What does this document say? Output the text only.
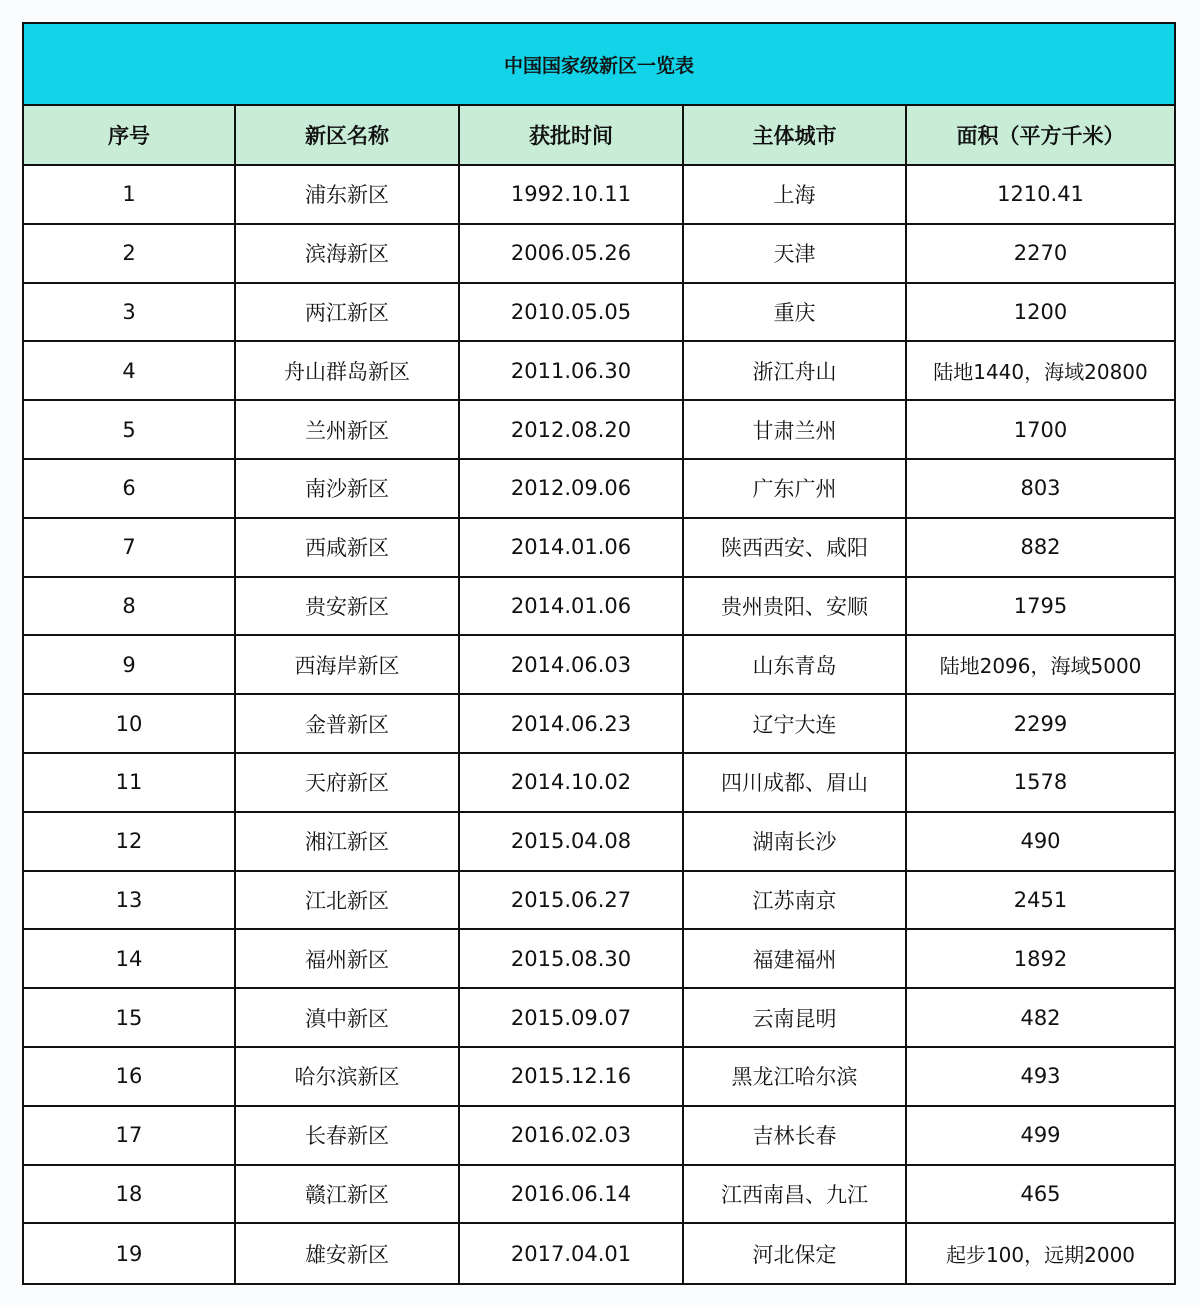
中国国家级新区一览表
序号	新区名称	获批时间	主体城市	面积（平方千米）
1	浦东新区	1992.10.11	上海	1210.41
2	滨海新区	2006.05.26	天津	2270
3	两江新区	2010.05.05	重庆	1200
4	舟山群岛新区	2011.06.30	浙江舟山	陆地1440，海域20800
5	兰州新区	2012.08.20	甘肃兰州	1700
6	南沙新区	2012.09.06	广东广州	803
7	西咸新区	2014.01.06	陕西西安、咸阳	882
8	贵安新区	2014.01.06	贵州贵阳、安顺	1795
9	西海岸新区	2014.06.03	山东青岛	陆地2096，海域5000
10	金普新区	2014.06.23	辽宁大连	2299
11	天府新区	2014.10.02	四川成都、眉山	1578
12	湘江新区	2015.04.08	湖南长沙	490
13	江北新区	2015.06.27	江苏南京	2451
14	福州新区	2015.08.30	福建福州	1892
15	滇中新区	2015.09.07	云南昆明	482
16	哈尔滨新区	2015.12.16	黑龙江哈尔滨	493
17	长春新区	2016.02.03	吉林长春	499
18	赣江新区	2016.06.14	江西南昌、九江	465
19	雄安新区	2017.04.01	河北保定	起步100，远期2000
